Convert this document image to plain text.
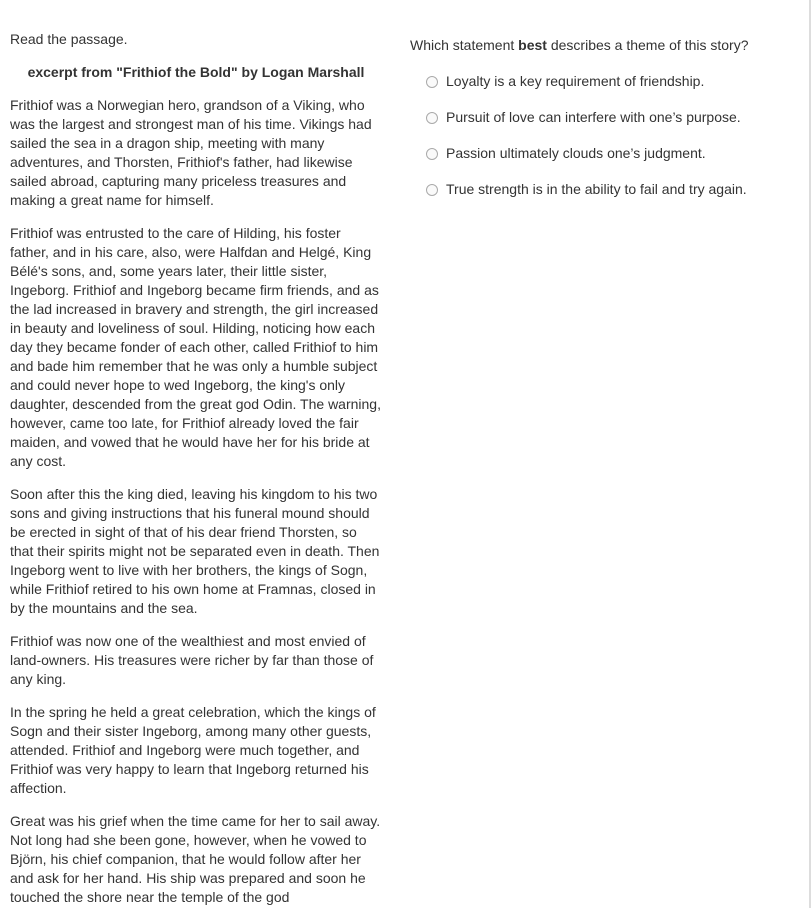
Read the passage.

excerpt from "Frithiof the Bold" by Logan Marshall

Frithiof was a Norwegian hero, grandson of a Viking, who was the largest and strongest man of his time. Vikings had sailed the sea in a dragon ship, meeting with many adventures, and Thorsten, Frithiof's father, had likewise sailed abroad, capturing many priceless treasures and making a great name for himself.

Frithiof was entrusted to the care of Hilding, his foster father, and in his care, also, were Halfdan and Helgé, King Bélé's sons, and, some years later, their little sister, Ingeborg. Frithiof and Ingeborg became firm friends, and as the lad increased in bravery and strength, the girl increased in beauty and loveliness of soul. Hilding, noticing how each day they became fonder of each other, called Frithiof to him and bade him remember that he was only a humble subject and could never hope to wed Ingeborg, the king's only daughter, descended from the great god Odin. The warning, however, came too late, for Frithiof already loved the fair maiden, and vowed that he would have her for his bride at any cost.

Soon after this the king died, leaving his kingdom to his two sons and giving instructions that his funeral mound should be erected in sight of that of his dear friend Thorsten, so that their spirits might not be separated even in death. Then Ingeborg went to live with her brothers, the kings of Sogn, while Frithiof retired to his own home at Framnas, closed in by the mountains and the sea.

Frithiof was now one of the wealthiest and most envied of land-owners. His treasures were richer by far than those of any king.

In the spring he held a great celebration, which the kings of Sogn and their sister Ingeborg, among many other guests, attended. Frithiof and Ingeborg were much together, and Frithiof was very happy to learn that Ingeborg returned his affection.

Great was his grief when the time came for her to sail away. Not long had she been gone, however, when he vowed to Björn, his chief companion, that he would follow after her and ask for her hand. His ship was prepared and soon he touched the shore near the temple of the god

Which statement best describes a theme of this story?

Loyalty is a key requirement of friendship.
Pursuit of love can interfere with one’s purpose.
Passion ultimately clouds one’s judgment.
True strength is in the ability to fail and try again.
